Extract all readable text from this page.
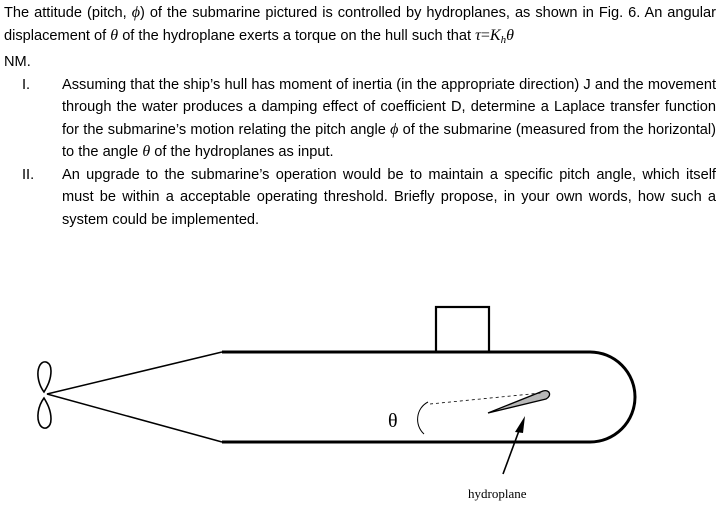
The attitude (pitch, ϕ) of the submarine pictured is controlled by hydroplanes, as shown in Fig. 6. An angular displacement of θ of the hydroplane exerts a torque on the hull such that $\tau=K_h\theta$

NM.

I. Assuming that the ship’s hull has moment of inertia (in the appropriate direction) J and the movement through the water produces a damping effect of coefficient D, determine a Laplace transfer function for the submarine’s motion relating the pitch angle ϕ of the submarine (measured from the horizontal) to the angle θ of the hydroplanes as input.

II. An upgrade to the submarine’s operation would be to maintain a specific pitch angle, which itself must be within a acceptable operating threshold. Briefly propose, in your own words, how such a system could be implemented.

θ
hydroplane
